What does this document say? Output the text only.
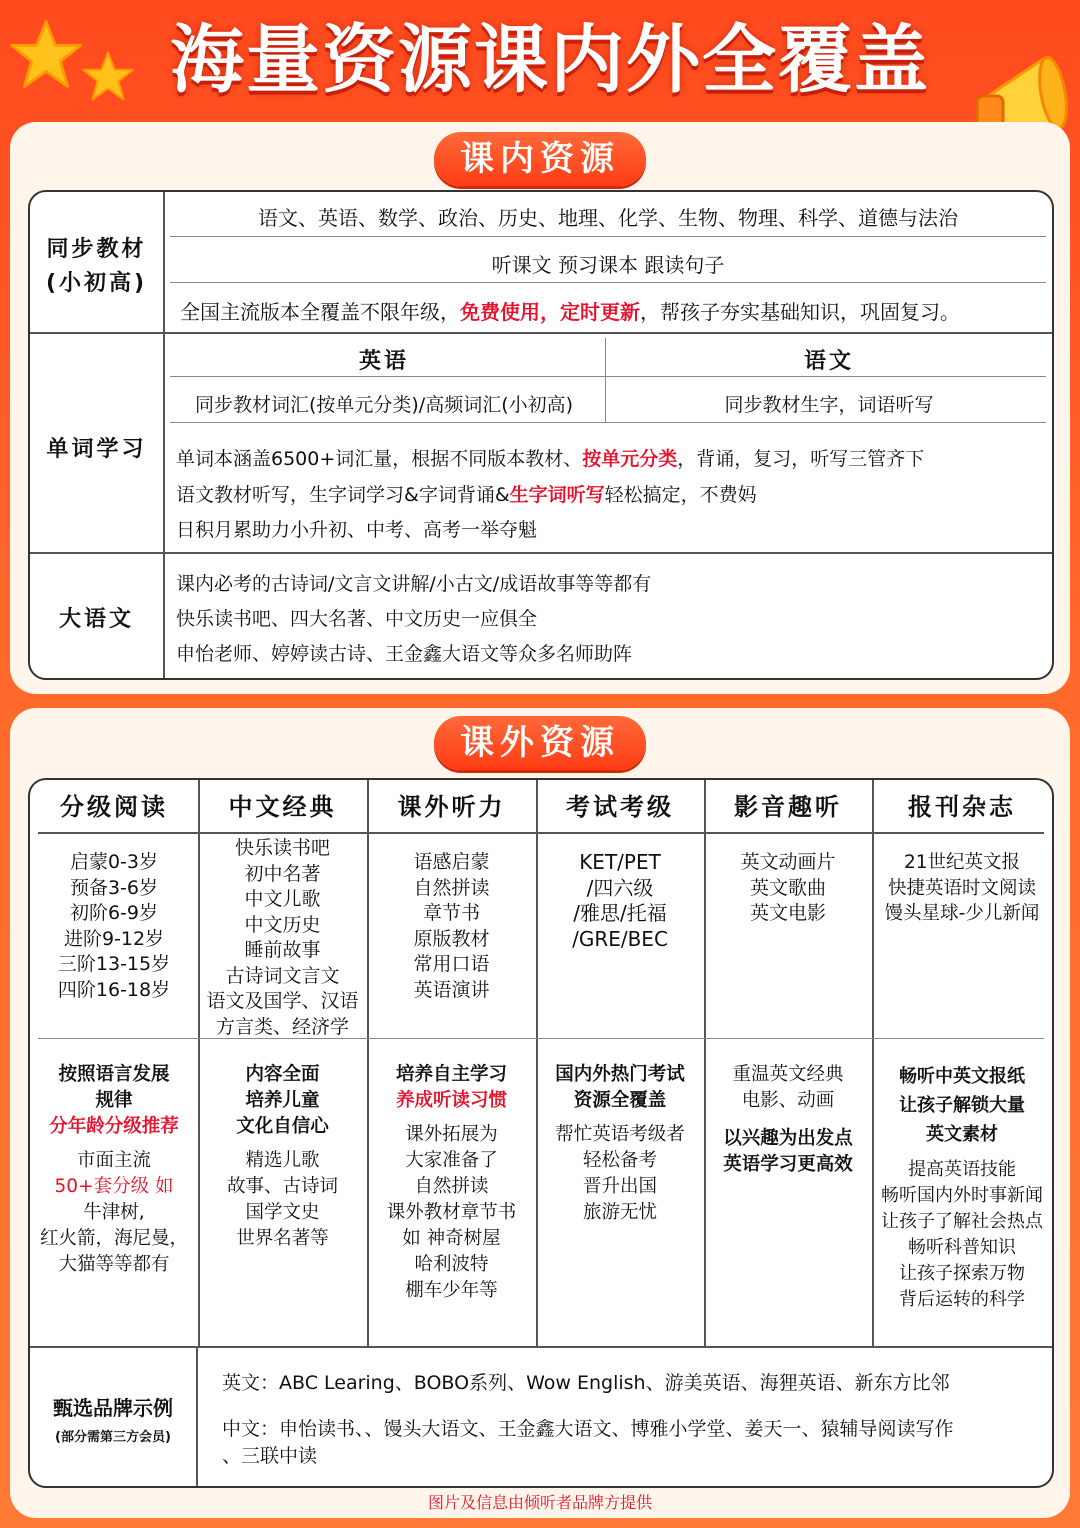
海量资源课内外全覆盖
课内资源
同步教材
(小初高)
语文、英语、数学、政治、历史、地理、化学、生物、物理、科学、道德与法治
听课文 预习课本 跟读句子
全国主流版本全覆盖不限年级，免费使用，定时更新，帮孩子夯实基础知识，巩固复习。
单词学习
英语	语文
同步教材词汇(按单元分类)/高频词汇(小初高)	同步教材生字，词语听写
单词本涵盖6500+词汇量，根据不同版本教材、按单元分类，背诵，复习，听写三管齐下
语文教材听写，生字词学习&字词背诵&生字词听写轻松搞定，不费妈
日积月累助力小升初、中考、高考一举夺魁
大语文
课内必考的古诗词/文言文讲解/小古文/成语故事等等都有
快乐读书吧、四大名著、中文历史一应俱全
申怡老师、婷婷读古诗、王金鑫大语文等众多名师助阵
课外资源
分级阅读
启蒙0-3岁
预备3-6岁
初阶6-9岁
进阶9-12岁
三阶13-15岁
四阶16-18岁
按照语言发展
规律
分年龄分级推荐
市面主流
50+套分级 如
牛津树,
红火箭，海尼曼，
大猫等等都有
中文经典
快乐读书吧
初中名著
中文儿歌
中文历史
睡前故事
古诗词文言文
语文及国学、汉语
方言类、经济学
内容全面
培养儿童
文化自信心
精选儿歌
故事、古诗词
国学文史
世界名著等
课外听力
语感启蒙
自然拼读
章节书
原版教材
常用口语
英语演讲
培养自主学习
养成听读习惯
课外拓展为
大家准备了
自然拼读
课外教材章节书
如 神奇树屋
哈利波特
棚车少年等
考试考级
KET/PET
/四六级
/雅思/托福
/GRE/BEC
国内外热门考试
资源全覆盖
帮忙英语考级者
轻松备考
晋升出国
旅游无忧
影音趣听
英文动画片
英文歌曲
英文电影
重温英文经典
电影、动画
以兴趣为出发点
英语学习更高效
报刊杂志
21世纪英文报
快捷英语时文阅读
馒头星球-少儿新闻
畅听中英文报纸
让孩子解锁大量
英文素材
提高英语技能
畅听国内外时事新闻
让孩子了解社会热点
畅听科普知识
让孩子探索万物
背后运转的科学
甄选品牌示例
(部分需第三方会员)
英文：ABC Learing、BOBO系列、Wow English、游美英语、海狸英语、新东方比邻
中文：申怡读书、、馒头大语文、王金鑫大语文、博雅小学堂、姜天一、猿辅导阅读写作
、三联中读
图片及信息由倾听者品牌方提供
